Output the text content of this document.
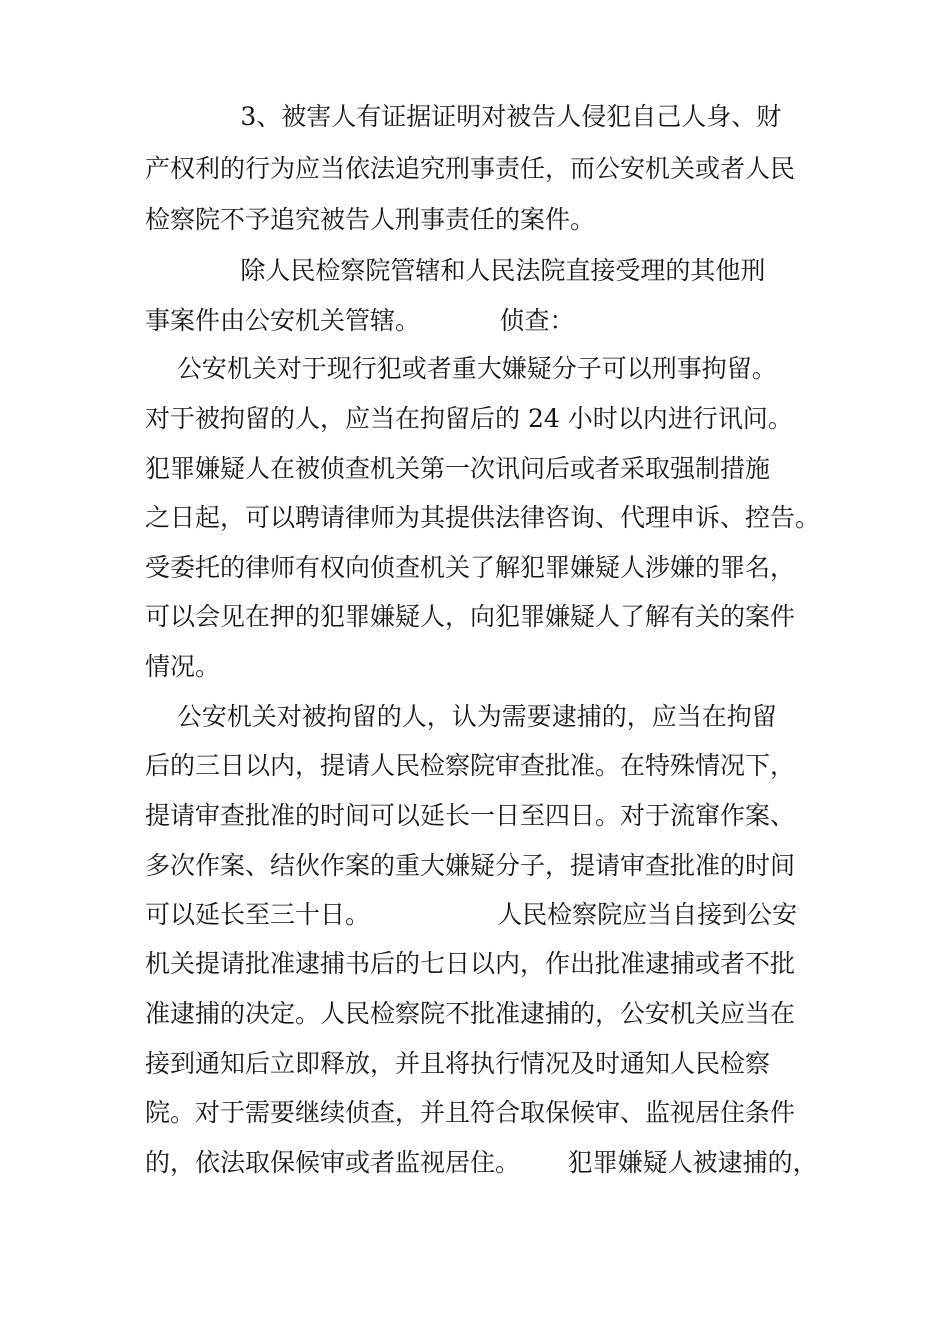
3、被害人有证据证明对被告人侵犯自己人身、财
产权利的行为应当依法追究刑事责任，而公安机关或者人民
检察院不予追究被告人刑事责任的案件。
除人民检察院管辖和人民法院直接受理的其他刑
事案件由公安机关管辖。          侦查：
公安机关对于现行犯或者重大嫌疑分子可以刑事拘留。
对于被拘留的人，应当在拘留后的 24 小时以内进行讯问。
犯罪嫌疑人在被侦查机关第一次讯问后或者采取强制措施
之日起，可以聘请律师为其提供法律咨询、代理申诉、控告。
受委托的律师有权向侦查机关了解犯罪嫌疑人涉嫌的罪名，
可以会见在押的犯罪嫌疑人，向犯罪嫌疑人了解有关的案件
情况。
公安机关对被拘留的人，认为需要逮捕的，应当在拘留
后的三日以内，提请人民检察院审查批准。在特殊情况下，
提请审查批准的时间可以延长一日至四日。对于流窜作案、
多次作案、结伙作案的重大嫌疑分子，提请审查批准的时间
可以延长至三十日。                人民检察院应当自接到公安
机关提请批准逮捕书后的七日以内，作出批准逮捕或者不批
准逮捕的决定。人民检察院不批准逮捕的，公安机关应当在
接到通知后立即释放，并且将执行情况及时通知人民检察
院。对于需要继续侦查，并且符合取保候审、监视居住条件
的，依法取保候审或者监视居住。      犯罪嫌疑人被逮捕的，
